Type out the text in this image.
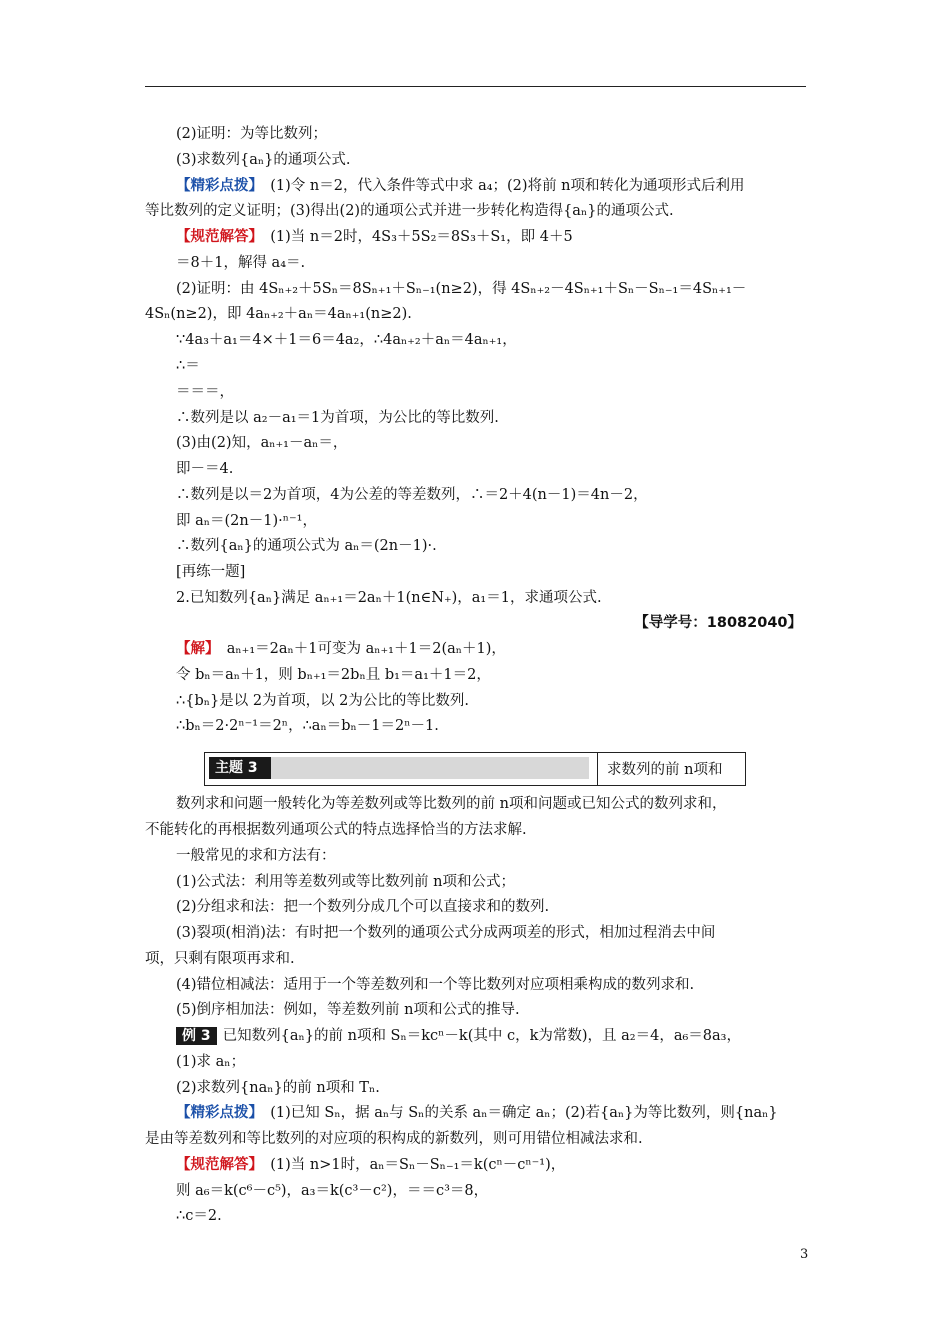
(2)证明：为等比数列；
(3)求数列{aₙ}的通项公式.
【精彩点拨】　(1)令 n＝2，代入条件等式中求 a₄；(2)将前 n项和转化为通项形式后利用
等比数列的定义证明；(3)得出(2)的通项公式并进一步转化构造得{aₙ}的通项公式.
【规范解答】　(1)当 n＝2时，4S₃＋5S₂＝8S₃＋S₁，即 4＋5
＝8＋1，解得 a₄＝.
(2)证明：由 4Sₙ₊₂＋5Sₙ＝8Sₙ₊₁＋Sₙ₋₁(n≥2)，得 4Sₙ₊₂－4Sₙ₊₁＋Sₙ－Sₙ₋₁＝4Sₙ₊₁－
4Sₙ(n≥2)，即 4aₙ₊₂＋aₙ＝4aₙ₊₁(n≥2).
∵4a₃＋a₁＝4×＋1＝6＝4a₂，∴4aₙ₊₂＋aₙ＝4aₙ₊₁，
∴＝
＝＝＝，
∴数列是以 a₂－a₁＝1为首项，为公比的等比数列.
(3)由(2)知，aₙ₊₁－aₙ＝，
即－＝4.
∴数列是以＝2为首项，4为公差的等差数列，∴＝2＋4(n－1)＝4n－2，
即 aₙ＝(2n－1)·ⁿ⁻¹，
∴数列{aₙ}的通项公式为 aₙ＝(2n－1)·.
[再练一题]
2.已知数列{aₙ}满足 aₙ₊₁＝2aₙ＋1(n∈N₊)，a₁＝1，求通项公式.
【导学号：18082040】
【解】　aₙ₊₁＝2aₙ＋1可变为 aₙ₊₁＋1＝2(aₙ＋1)，
令 bₙ＝aₙ＋1，则 bₙ₊₁＝2bₙ且 b₁＝a₁＋1＝2，
∴{bₙ}是以 2为首项，以 2为公比的等比数列.
∴bₙ＝2·2ⁿ⁻¹＝2ⁿ，∴aₙ＝bₙ－1＝2ⁿ－1.
主题 3	求数列的前 n项和
数列求和问题一般转化为等差数列或等比数列的前 n项和问题或已知公式的数列求和，
不能转化的再根据数列通项公式的特点选择恰当的方法求解.
一般常见的求和方法有：
(1)公式法：利用等差数列或等比数列前 n项和公式；
(2)分组求和法：把一个数列分成几个可以直接求和的数列.
(3)裂项(相消)法：有时把一个数列的通项公式分成两项差的形式，相加过程消去中间
项，只剩有限项再求和.
(4)错位相减法：适用于一个等差数列和一个等比数列对应项相乘构成的数列求和.
(5)倒序相加法：例如，等差数列前 n项和公式的推导.
例 3 已知数列{aₙ}的前 n项和 Sₙ＝kcⁿ－k(其中 c，k为常数)，且 a₂＝4，a₆＝8a₃，
(1)求 aₙ；
(2)求数列{naₙ}的前 n项和 Tₙ.
【精彩点拨】　(1)已知 Sₙ，据 aₙ与 Sₙ的关系 aₙ＝确定 aₙ；(2)若{aₙ}为等比数列，则{naₙ}
是由等差数列和等比数列的对应项的积构成的新数列，则可用错位相减法求和.
【规范解答】　(1)当 n>1时，aₙ＝Sₙ－Sₙ₋₁＝k(cⁿ－cⁿ⁻¹)，
则 a₆＝k(c⁶－c⁵)，a₃＝k(c³－c²)，＝＝c³＝8，
∴c＝2.
3
